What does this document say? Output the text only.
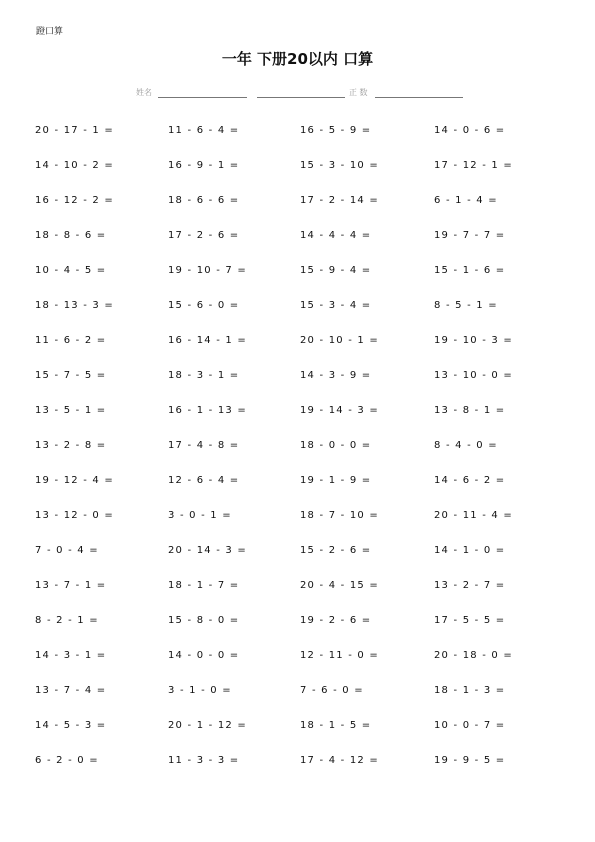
蹬口算
一年 下册20以内 口算
姓名	正 数
20 - 17 - 1 =	11 - 6 - 4 =	16 - 5 - 9 =	14 - 0 - 6 =
14 - 10 - 2 =	16 - 9 - 1 =	15 - 3 - 10 =	17 - 12 - 1 =
16 - 12 - 2 =	18 - 6 - 6 =	17 - 2 - 14 =	6 - 1 - 4 =
18 - 8 - 6 =	17 - 2 - 6 =	14 - 4 - 4 =	19 - 7 - 7 =
10 - 4 - 5 =	19 - 10 - 7 =	15 - 9 - 4 =	15 - 1 - 6 =
18 - 13 - 3 =	15 - 6 - 0 =	15 - 3 - 4 =	8 - 5 - 1 =
11 - 6 - 2 =	16 - 14 - 1 =	20 - 10 - 1 =	19 - 10 - 3 =
15 - 7 - 5 =	18 - 3 - 1 =	14 - 3 - 9 =	13 - 10 - 0 =
13 - 5 - 1 =	16 - 1 - 13 =	19 - 14 - 3 =	13 - 8 - 1 =
13 - 2 - 8 =	17 - 4 - 8 =	18 - 0 - 0 =	8 - 4 - 0 =
19 - 12 - 4 =	12 - 6 - 4 =	19 - 1 - 9 =	14 - 6 - 2 =
13 - 12 - 0 =	3 - 0 - 1 =	18 - 7 - 10 =	20 - 11 - 4 =
7 - 0 - 4 =	20 - 14 - 3 =	15 - 2 - 6 =	14 - 1 - 0 =
13 - 7 - 1 =	18 - 1 - 7 =	20 - 4 - 15 =	13 - 2 - 7 =
8 - 2 - 1 =	15 - 8 - 0 =	19 - 2 - 6 =	17 - 5 - 5 =
14 - 3 - 1 =	14 - 0 - 0 =	12 - 11 - 0 =	20 - 18 - 0 =
13 - 7 - 4 =	3 - 1 - 0 =	7 - 6 - 0 =	18 - 1 - 3 =
14 - 5 - 3 =	20 - 1 - 12 =	18 - 1 - 5 =	10 - 0 - 7 =
6 - 2 - 0 =	11 - 3 - 3 =	17 - 4 - 12 =	19 - 9 - 5 =
